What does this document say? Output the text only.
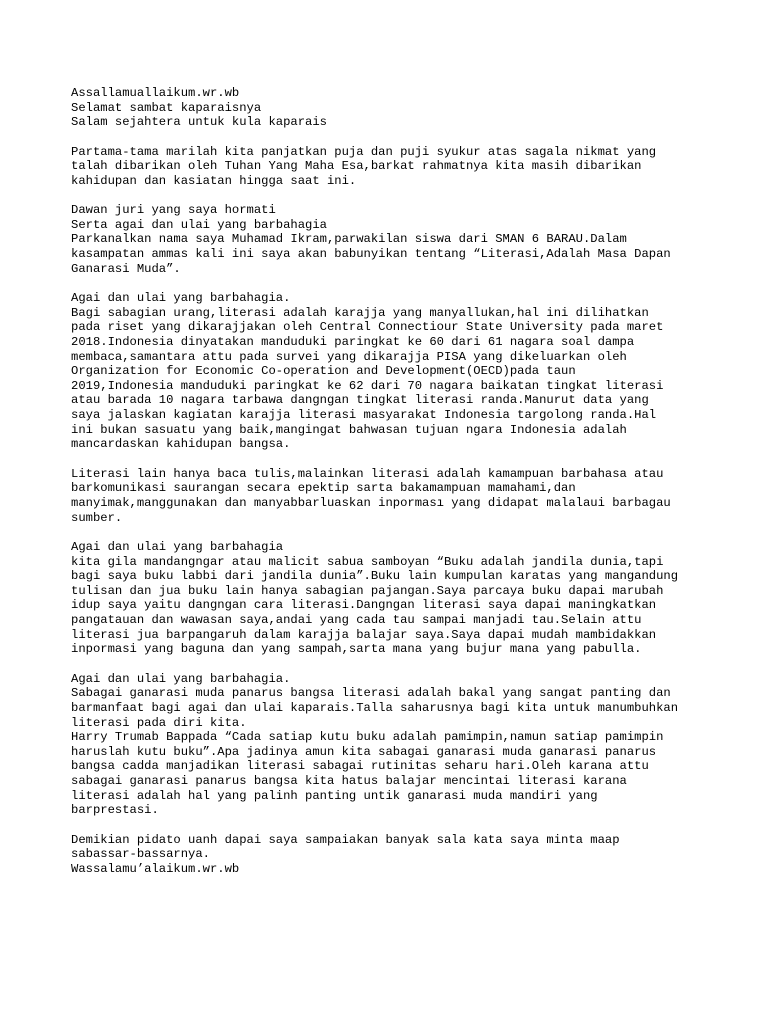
Assallamuallaikum.wr.wb
Selamat sambat kaparaisnya
Salam sejahtera untuk kula kaparais
Partama-tama marilah kita panjatkan puja dan puji syukur atas sagala nikmat yang
talah dibarikan oleh Tuhan Yang Maha Esa,barkat rahmatnya kita masih dibarikan
kahidupan dan kasiatan hingga saat ini.
Dawan juri yang saya hormati
Serta agai dan ulai yang barbahagia
Parkanalkan nama saya Muhamad Ikram,parwakilan siswa dari SMAN 6 BARAU.Dalam
kasampatan ammas kali ini saya akan babunyikan tentang “Literasi,Adalah Masa Dapan
Ganarasi Muda”.
Agai dan ulai yang barbahagia.
Bagi sabagian urang,literasi adalah karajja yang manyallukan,hal ini dilihatkan
pada riset yang dikarajjakan oleh Central Connectiour State University pada maret
2018.Indonesia dinyatakan manduduki paringkat ke 60 dari 61 nagara soal dampa
membaca,samantara attu pada survei yang dikarajja PISA yang dikeluarkan oleh
Organization for Economic Co-operation and Development(OECD)pada taun
2019,Indonesia manduduki paringkat ke 62 dari 70 nagara baikatan tingkat literasi
atau barada 10 nagara tarbawa dangngan tingkat literasi randa.Manurut data yang
saya jalaskan kagiatan karajja literasi masyarakat Indonesia targolong randa.Hal
ini bukan sasuatu yang baik,mangingat bahwasan tujuan ngara Indonesia adalah
mancardaskan kahidupan bangsa.
Literasi lain hanya baca tulis,malainkan literasi adalah kamampuan barbahasa atau
barkomunikasi saurangan secara epektip sarta bakamampuan mamahami,dan
manyimak,manggunakan dan manyabbarluaskan inporması yang didapat malalaui barbagau
sumber.
Agai dan ulai yang barbahagia
kita gila mandangngar atau malicit sabua samboyan “Buku adalah jandila dunia,tapi
bagi saya buku labbi dari jandila dunia”.Buku lain kumpulan karatas yang mangandung
tulisan dan jua buku lain hanya sabagian pajangan.Saya parcaya buku dapai marubah
idup saya yaitu dangngan cara literasi.Dangngan literasi saya dapai maningkatkan
pangatauan dan wawasan saya,andai yang cada tau sampai manjadi tau.Selain attu
literasi jua barpangaruh dalam karajja balajar saya.Saya dapai mudah mambidakkan
inpormasi yang baguna dan yang sampah,sarta mana yang bujur mana yang pabulla.
Agai dan ulai yang barbahagia.
Sabagai ganarasi muda panarus bangsa literasi adalah bakal yang sangat panting dan
barmanfaat bagi agai dan ulai kaparais.Talla saharusnya bagi kita untuk manumbuhkan
literasi pada diri kita.
Harry Trumab Bappada “Cada satiap kutu buku adalah pamimpin,namun satiap pamimpin
haruslah kutu buku”.Apa jadinya amun kita sabagai ganarasi muda ganarasi panarus
bangsa cadda manjadikan literasi sabagai rutinitas seharu hari.Oleh karana attu
sabagai ganarasi panarus bangsa kita hatus balajar mencintai literasi karana
literasi adalah hal yang palinh panting untik ganarasi muda mandiri yang
barprestasi.
Demikian pidato uanh dapai saya sampaiakan banyak sala kata saya minta maap
sabassar-bassarnya.
Wassalamu’alaikum.wr.wb
